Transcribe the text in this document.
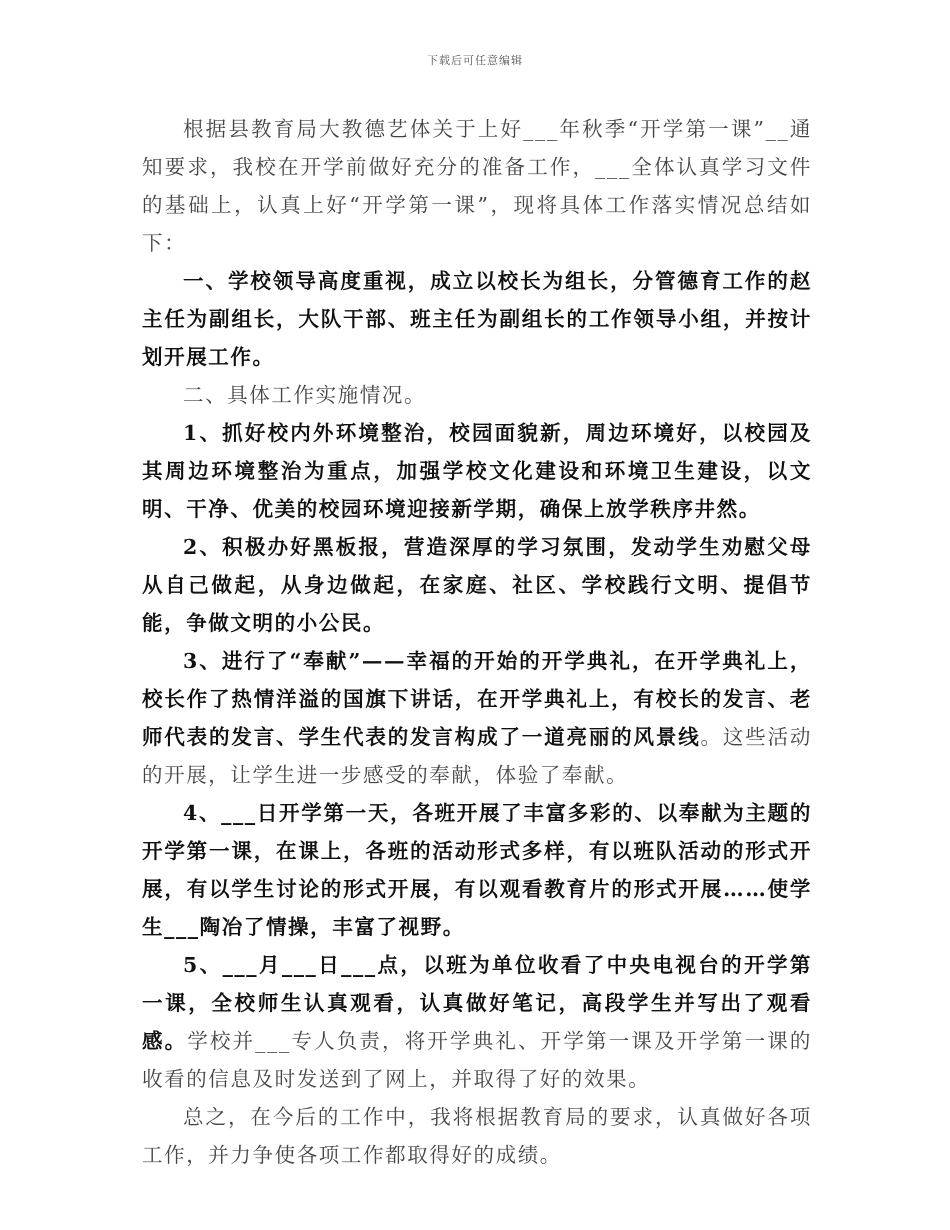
下载后可任意编辑

根据县教育局大教德艺体关于上好___年秋季“开学第一课”__通知要求，我校在开学前做好充分的准备工作，___全体认真学习文件的基础上，认真上好“开学第一课”，现将具体工作落实情况总结如下：

一、学校领导高度重视，成立以校长为组长，分管德育工作的赵主任为副组长，大队干部、班主任为副组长的工作领导小组，并按计划开展工作。

二、具体工作实施情况。

1、抓好校内外环境整治，校园面貌新，周边环境好，以校园及其周边环境整治为重点，加强学校文化建设和环境卫生建设，以文明、干净、优美的校园环境迎接新学期，确保上放学秩序井然。

2、积极办好黑板报，营造深厚的学习氛围，发动学生劝慰父母从自己做起，从身边做起，在家庭、社区、学校践行文明、提倡节能，争做文明的小公民。

3、进行了“奉献”——幸福的开始的开学典礼，在开学典礼上，校长作了热情洋溢的国旗下讲话，在开学典礼上，有校长的发言、老师代表的发言、学生代表的发言构成了一道亮丽的风景线。这些活动的开展，让学生进一步感受的奉献，体验了奉献。

4、___日开学第一天，各班开展了丰富多彩的、以奉献为主题的开学第一课，在课上，各班的活动形式多样，有以班队活动的形式开展，有以学生讨论的形式开展，有以观看教育片的形式开展……使学生___陶冶了情操，丰富了视野。

5、___月___日___点，以班为单位收看了中央电视台的开学第一课，全校师生认真观看，认真做好笔记，高段学生并写出了观看感。学校并___专人负责，将开学典礼、开学第一课及开学第一课的收看的信息及时发送到了网上，并取得了好的效果。

总之，在今后的工作中，我将根据教育局的要求，认真做好各项工作，并力争使各项工作都取得好的成绩。
